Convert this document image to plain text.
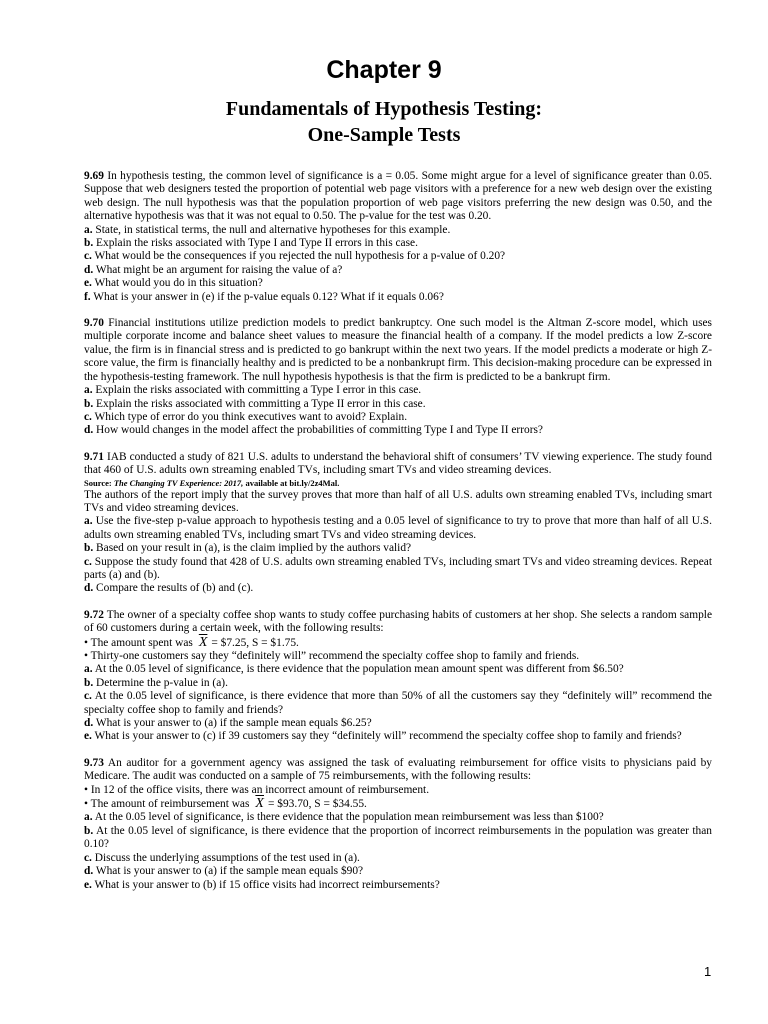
Chapter 9
Fundamentals of Hypothesis Testing:
One-Sample Tests

9.69 In hypothesis testing, the common level of significance is a = 0.05. Some might argue for a level of significance greater than 0.05. Suppose that web designers tested the proportion of potential web page visitors with a preference for a new web design over the existing web design. The null hypothesis was that the population proportion of web page visitors preferring the new design was 0.50, and the alternative hypothesis was that it was not equal to 0.50. The p-value for the test was 0.20.

a. State, in statistical terms, the null and alternative hypotheses for this example.

b. Explain the risks associated with Type I and Type II errors in this case.

c. What would be the consequences if you rejected the null hypothesis for a p-value of 0.20?

d. What might be an argument for raising the value of a?

e. What would you do in this situation?

f. What is your answer in (e) if the p-value equals 0.12? What if it equals 0.06?

9.70 Financial institutions utilize prediction models to predict bankruptcy. One such model is the Altman Z-score model, which uses multiple corporate income and balance sheet values to measure the financial health of a company. If the model predicts a low Z-score value, the firm is in financial stress and is predicted to go bankrupt within the next two years. If the model predicts a moderate or high Z-score value, the firm is financially healthy and is predicted to be a nonbankrupt firm. This decision-making procedure can be expressed in the hypothesis-testing framework. The null hypothesis hypothesis is that the firm is predicted to be a bankrupt firm.

a. Explain the risks associated with committing a Type I error in this case.

b. Explain the risks associated with committing a Type II error in this case.

c. Which type of error do you think executives want to avoid? Explain.

d. How would changes in the model affect the probabilities of committing Type I and Type II errors?

9.71 IAB conducted a study of 821 U.S. adults to understand the behavioral shift of consumers’ TV viewing experience. The study found that 460 of U.S. adults own streaming enabled TVs, including smart TVs and video streaming devices.

Source: The Changing TV Experience: 2017, available at bit.ly/2z4Mal.

The authors of the report imply that the survey proves that more than half of all U.S. adults own streaming enabled TVs, including smart TVs and video streaming devices.

a. Use the five-step p-value approach to hypothesis testing and a 0.05 level of significance to try to prove that more than half of all U.S. adults own streaming enabled TVs, including smart TVs and video streaming devices.

b. Based on your result in (a), is the claim implied by the authors valid?

c. Suppose the study found that 428 of U.S. adults own streaming enabled TVs, including smart TVs and video streaming devices. Repeat parts (a) and (b).

d. Compare the results of (b) and (c).

9.72 The owner of a specialty coffee shop wants to study coffee purchasing habits of customers at her shop. She selects a random sample of 60 customers during a certain week, with the following results:

• The amount spent was $\overline{X}$ = $7.25, S = $1.75.

• Thirty-one customers say they “definitely will” recommend the specialty coffee shop to family and friends.

a. At the 0.05 level of significance, is there evidence that the population mean amount spent was different from $6.50?

b. Determine the p-value in (a).

c. At the 0.05 level of significance, is there evidence that more than 50% of all the customers say they “definitely will” recommend the specialty coffee shop to family and friends?

d. What is your answer to (a) if the sample mean equals $6.25?

e. What is your answer to (c) if 39 customers say they “definitely will” recommend the specialty coffee shop to family and friends?

9.73 An auditor for a government agency was assigned the task of evaluating reimbursement for office visits to physicians paid by Medicare. The audit was conducted on a sample of 75 reimbursements, with the following results:

• In 12 of the office visits, there was an incorrect amount of reimbursement.

• The amount of reimbursement was $\overline{X}$ = $93.70, S = $34.55.

a. At the 0.05 level of significance, is there evidence that the population mean reimbursement was less than $100?

b. At the 0.05 level of significance, is there evidence that the proportion of incorrect reimbursements in the population was greater than 0.10?

c. Discuss the underlying assumptions of the test used in (a).

d. What is your answer to (a) if the sample mean equals $90?

e. What is your answer to (b) if 15 office visits had incorrect reimbursements?

1
